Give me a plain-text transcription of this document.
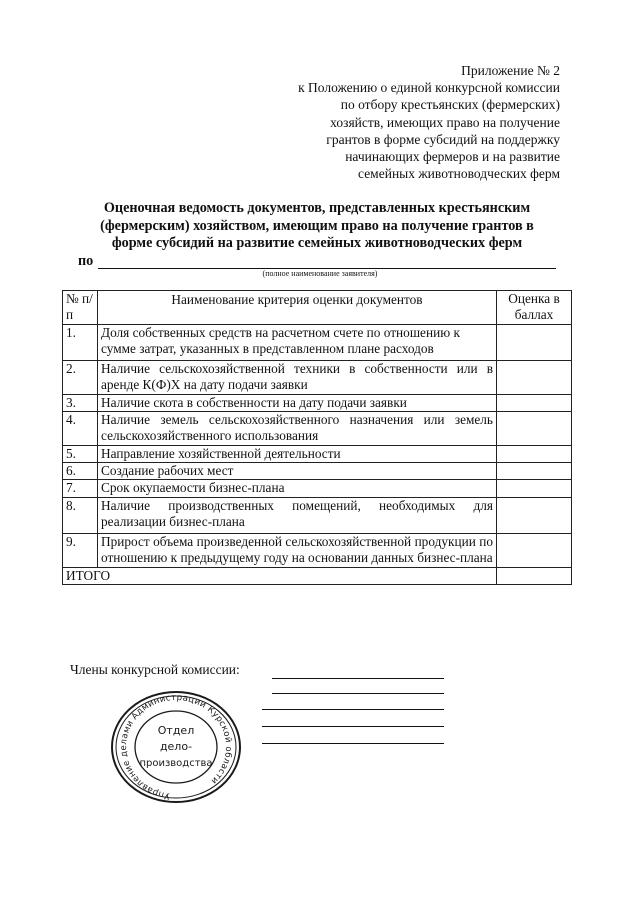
Приложение № 2
к Положению о единой конкурсной комиссии
по отбору крестьянских (фермерских)
хозяйств, имеющих право на получение
грантов в форме субсидий на поддержку
начинающих фермеров и на развитие
семейных животноводческих ферм
Оценочная ведомость документов, представленных крестьянским
(фермерским) хозяйством, имеющим право на получение грантов в
форме субсидий на развитие семейных животноводческих ферм
по
(полное наименование заявителя)
№ п/п	Наименование критерия оценки документов	Оценка в баллах
1.	Доля собственных средств на расчетном счете по отношению к сумме затрат, указанных в представленном плане расходов	
2.	Наличие сельскохозяйственной техники в собственности или в аренде К(Ф)Х на дату подачи заявки	
3.	Наличие скота в собственности на дату подачи заявки	
4.	Наличие земель сельскохозяйственного назначения или земель сельскохозяйственного использования	
5.	Направление хозяйственной деятельности	
6.	Создание рабочих мест	
7.	Срок окупаемости бизнес-плана	
8.	Наличие производственных помещений, необходимых для реализации бизнес-плана	
9.	Прирост объема произведенной сельскохозяйственной продукции по отношению к предыдущему году на основании данных бизнес-плана	
ИТОГО		
Члены конкурсной комиссии:
Управление делами Администрации Курской области
Отдел
дело-
производства
